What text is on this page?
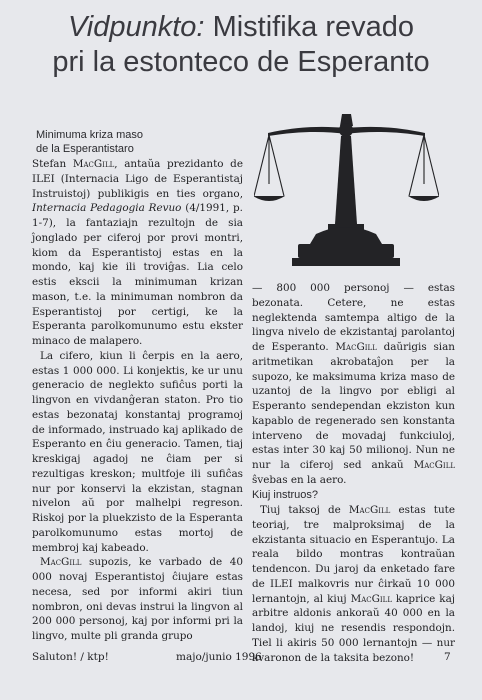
Vidpunkto: Mistifika revado
pri la estonteco de Esperanto
Minimuma kriza maso
de la Esperantistaro

Stefan MacGill, antaŭa prezidanto de ILEI (Internacia Ligo de Esperantistaj Instruistoj) publikigis en ties organo, Internacia Pedagogia Revuo (4/1991, p. 1-7), la fantaziajn rezultojn de sia ĵonglado per ciferoj por provi montri, kiom da Esperantistoj estas en la mondo, kaj kie ili troviĝas. Lia celo estis ekscii la minimuman krizan mason, t.e. la minimuman nombron da Esperantistoj por certigi, ke la Esperanta parolkomunumo estu ekster minaco de malapero.

La cifero, kiun li ĉerpis en la aero, estas 1 000 000. Li konjektis, ke ur unu generacio de neglekto sufiĉus porti la lingvon en vivdanĝeran staton. Pro tio estas bezonataj konstantaj programoj de informado, instruado kaj aplikado de Esperanto en ĉiu generacio. Tamen, tiaj kreskigaj agadoj ne ĉiam per si rezultigas kreskon; multfoje ili sufiĉas nur por konservi la ekzistan, stagnan nivelon aŭ por malhelpi regreson. Riskoj por la pluekzisto de la Esperanta parolkomunumo estas mortoj de membroj kaj kabeado.

MacGill supozis, ke varbado de 40 000 novaj Esperantistoj ĉiujare estas necesa, sed por informi akiri tiun nombron, oni devas instrui la lingvon al 200 000 personoj, kaj por informi pri la lingvo, multe pli granda grupo

— 800 000 personoj — estas bezonata. Cetere, ne estas neglektenda samtempa altigo de la lingva nivelo de ekzistantaj parolantoj de Esperanto. MacGill daŭrigis sian aritmetikan akrobataĵon per la supozo, ke maksimuma kriza maso de uzantoj de la lingvo por ebligi al Esperanto sendependan ekziston kun kapablo de regenerado sen konstanta interveno de movadaj funkciuloj, estas inter 30 kaj 50 milionoj. Nun ne nur la ciferoj sed ankaŭ MacGill ŝvebas en la aero.

Kiuj instruos?

Tiuj taksoj de MacGill estas tute teoriaj, tre malproksimaj de la ekzistanta situacio en Esperantujo. La reala bildo montras kontraŭan tendencon. Du jaroj da enketado fare de ILEI malkovris nur ĉirkaŭ 10 000 lernantojn, al kiuj MacGill kaprice kaj arbitre aldonis ankoraŭ 40 000 en la landoj, kiuj ne resendis respondojn. Tiel li akiris 50 000 lernantojn — nur kvaronon de la taksita bezono!

Saluton! / ktp!	majo/junio 1996	7
